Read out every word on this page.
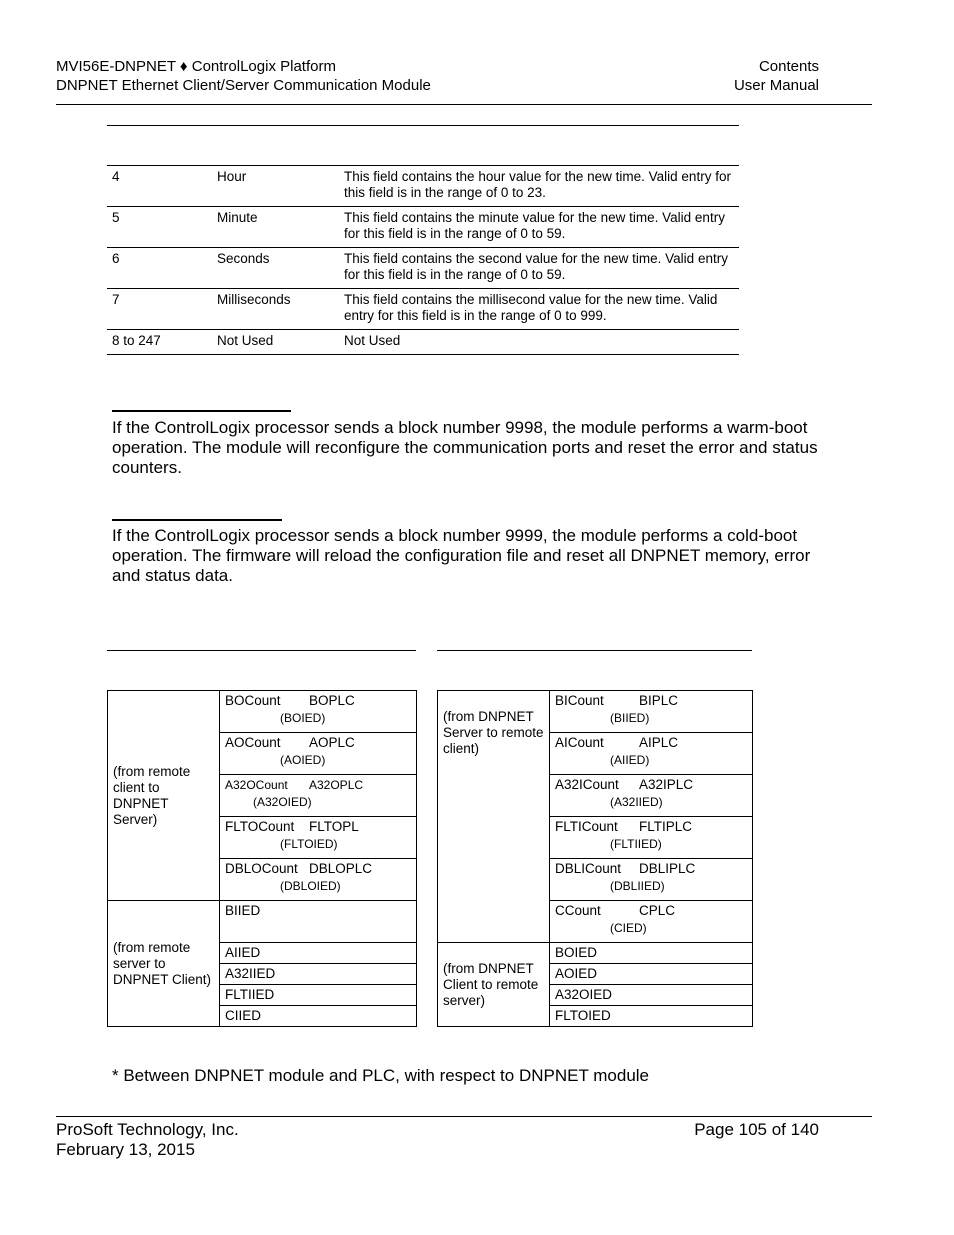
MVI56E-DNPNET ♦ ControlLogix Platform
DNPNET Ethernet Client/Server Communication Module
Contents
User Manual
4	Hour	This field contains the hour value for the new time. Valid entry for this field is in the range of 0 to 23.
5	Minute	This field contains the minute value for the new time. Valid entry for this field is in the range of 0 to 59.
6	Seconds	This field contains the second value for the new time. Valid entry for this field is in the range of 0 to 59.
7	Milliseconds	This field contains the millisecond value for the new time. Valid entry for this field is in the range of 0 to 999.
8 to 247	Not Used	Not Used
If the ControlLogix processor sends a block number 9998, the module performs a warm-boot operation. The module will reconfigure the communication ports and reset the error and status counters.
If the ControlLogix processor sends a block number 9999, the module performs a cold-boot operation. The firmware will reload the configuration file and reset all DNPNET memory, error and status data.
(from remote client to DNPNET Server)	BOCount BOPLC
(BOIED)

	AOCount AOPLC
(AOIED)

	A32OCount A32OPLC
(A32OIED)

	FLTOCount FLTOPL
(FLTOIED)

	DBLOCount DBLOPLC
(DBLOIED)

(from remote server to DNPNET Client)	BIIED
	AIIED
	A32IIED
	FLTIIED
	CIIED
(from DNPNET Server to remote client)	BICount BIPLC
(BIIED)

	AICount AIPLC
(AIIED)

	A32ICount A32IPLC
(A32IIED)

	FLTICount FLTIPLC
(FLTIIED)

	DBLICount DBLIPLC
(DBLIIED)

	CCount CPLC
(CIED)

(from DNPNET Client to remote server)	BOIED
	AOIED
	A32OIED
	FLTOIED
* Between DNPNET module and PLC, with respect to DNPNET module
ProSoft Technology, Inc.
February 13, 2015
Page 105 of 140
